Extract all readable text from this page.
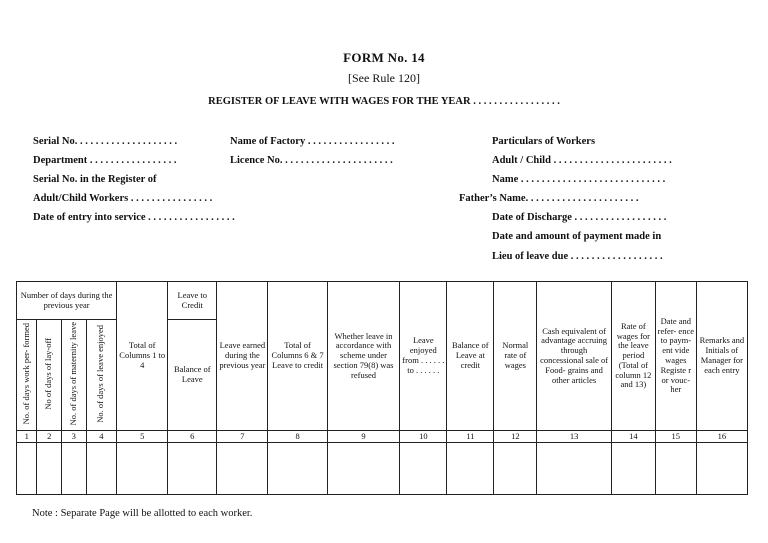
FORM No. 14
[See Rule 120]
REGISTER OF LEAVE WITH WAGES FOR THE YEAR . . . . . . . . . . . . . . . . .
Serial No. . . . . . . . . . . . . . . . . . . .
Department . . . . . . . . . . . . . . . . .
Serial No. in the Register of
Adult/Child Workers . . . . . . . . . . . . . . . .
Date of entry into service . . . . . . . . . . . . . . . . .
Name of Factory . . . . . . . . . . . . . . . . .
Licence No. . . . . . . . . . . . . . . . . . . . . .
Particulars of Workers
Adult / Child . . . . . . . . . . . . . . . . . . . . . . .
Name . . . . . . . . . . . . . . . . . . . . . . . . . . . .
Father’s Name. . . . . . . . . . . . . . . . . . . . . .
Date of Discharge . . . . . . . . . . . . . . . . . .
Date and amount of payment made in
Lieu of leave due . . . . . . . . . . . . . . . . . .
Number of days during the previous year				Total of Columns 1 to 4	Leave to Credit	Leave earned during the previous year	Total of Columns 6 & 7 Leave to credit	Whether leave in accordance with scheme under section 79(8) was refused	Leave enjoyed from . . . . . . to . . . . . .	Balance of Leave at credit	Normal rate of wages	Cash equivalent of advantage accruing through concessional sale of Food- grains and other articles	Rate of wages for the leave period (Total of column 12 and 13)	Date and refer- ence to paym- ent vide wages Registe r or vouc- her	Remarks and Initials of Manager for each entry
No. of days work per- formed	No of days of lay-off	No. of days of maternity leave	No. of days of leave enjoyed		Balance of Leave										
1	2	3	4	5	6	7	8	9	10	11	12	13	14	15	16

Note : Separate Page will be allotted to each worker.
